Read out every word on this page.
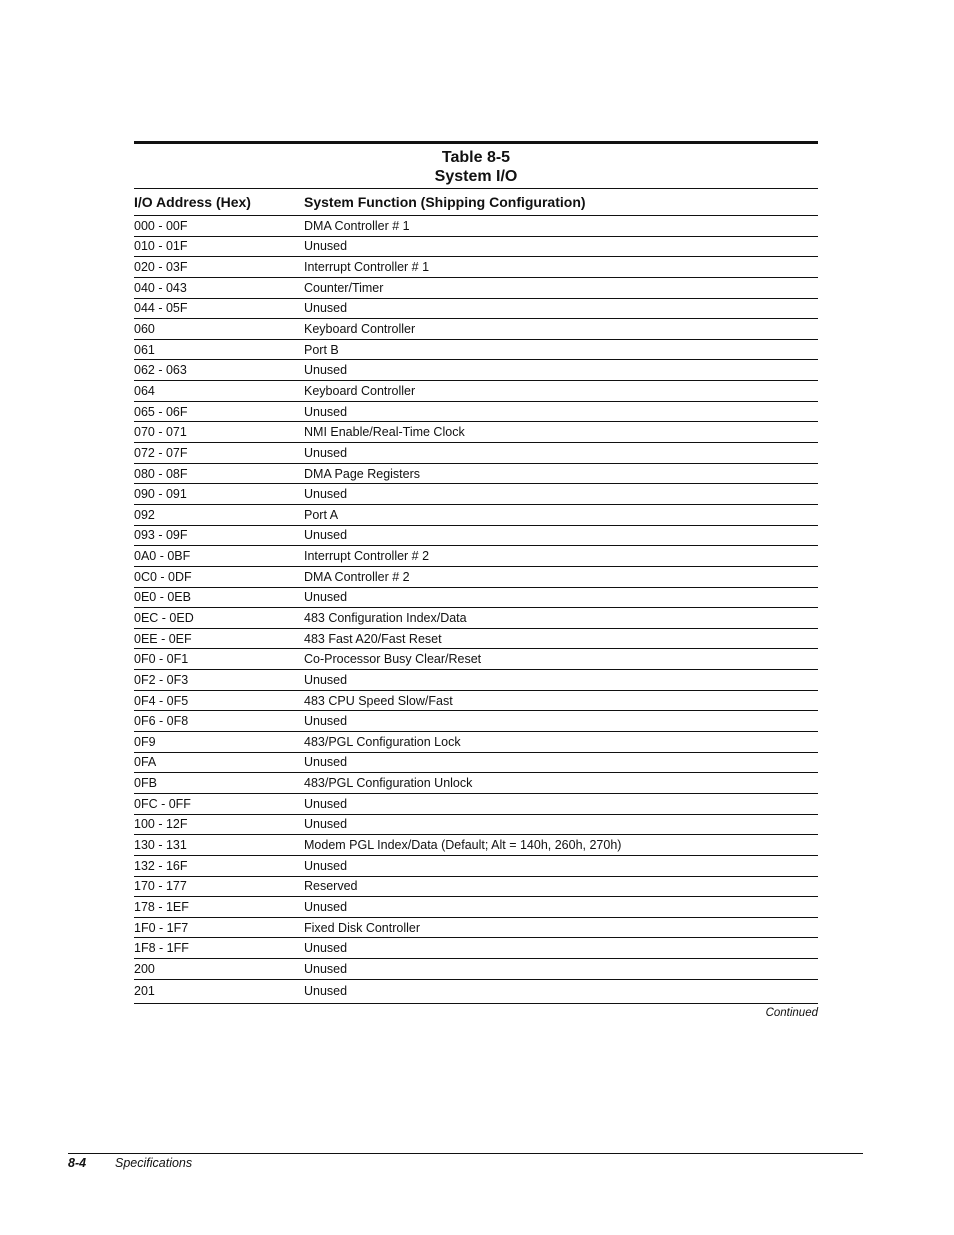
Table 8-5
System I/O
I/O Address (Hex)	System Function (Shipping Configuration)
000 - 00F	DMA Controller # 1
010 - 01F	Unused
020 - 03F	Interrupt Controller # 1
040 - 043	Counter/Timer
044 - 05F	Unused
060	Keyboard Controller
061	Port B
062 - 063	Unused
064	Keyboard Controller
065 - 06F	Unused
070 - 071	NMI Enable/Real-Time Clock
072 - 07F	Unused
080 - 08F	DMA Page Registers
090 - 091	Unused
092	Port A
093 - 09F	Unused
0A0 - 0BF	Interrupt Controller # 2
0C0 - 0DF	DMA Controller # 2
0E0 - 0EB	Unused
0EC - 0ED	483 Configuration Index/Data
0EE - 0EF	483 Fast A20/Fast Reset
0F0 - 0F1	Co-Processor Busy Clear/Reset
0F2 - 0F3	Unused
0F4 - 0F5	483 CPU Speed Slow/Fast
0F6 - 0F8	Unused
0F9	483/PGL Configuration Lock
0FA	Unused
0FB	483/PGL Configuration Unlock
0FC - 0FF	Unused
100 - 12F	Unused
130 - 131	Modem PGL Index/Data (Default; Alt = 140h, 260h, 270h)
132 - 16F	Unused
170 - 177	Reserved
178 - 1EF	Unused
1F0 - 1F7	Fixed Disk Controller
1F8 - 1FF	Unused
200	Unused
201	Unused
Continued
8-4	Specifications
